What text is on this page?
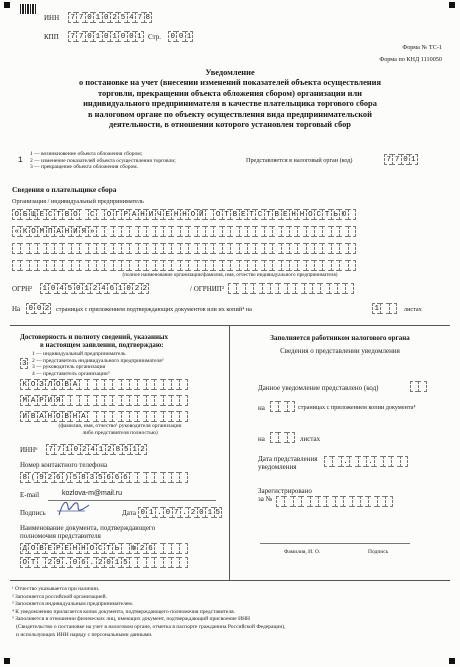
ИНН	7 7 0 1 0 2 5 4 7 8
КПП	7 7 0 1 0 1 0 0 1 Стр.	0 0 1
Форма № ТС-1
Форма по КНД 1110050
Уведомление
о постановке на учет (внесении изменений показателей объекта осуществления
торговли, прекращении объекта обложения сбором) организации или
индивидуального предпринимателя в качестве плательщика торгового сбора
в налоговом органе по объекту осуществления вида предпринимательской
деятельности, в отношении которого установлен торговый сбор
1
1 — возникновение объекта обложения сбором;
2 — изменение показателей объекта осуществления торговли;
3 — прекращение объекта обложения сбором.
Представляется в налоговый орган (код)	7 7 0 1
Сведения о плательщике сбора
Организация / индивидуальный предприниматель
О Б Щ Е С Т В О	С	О Г Р А Н И Ч Е Н Н О Й	О Т В Е Т С Т В Е Н Н О С Т Ь Ю
« К О М П А Н И Я »
(полное наименование организации/фамилия, имя, отчество индивидуального предпринимателя)
ОГРН²	1 0 4 5 0 1 2 4 6 1 0 2 2	/ ОГРНИП³
На	0 0 2	страницах с приложением подтверждающих документов или их копий⁴ на	1	листах
Достоверность и полноту сведений, указанных
в настоящем заявлении, подтверждаю:
3
1 — индивидуальный предприниматель
2 — представитель индивидуального предпринимателя⁵
3 — руководитель организации
4 — представитель организации⁵
К О З Л О В А
М А Р И Я
И В А Н О В Н А
(фамилия, имя, отчество¹ руководителя организации
либо представителя полностью)
ИНН⁶	7 7 1 0 2 4 1 2 8 5 1 2
Номер контактного телефона
8 ( 9 2 6 ) 5 8 3 5 6 6 6
E-mail	kozlova-m@mail.ru
Подпись	Дата 0 1 . 0 7 . 2 0 1 5
Наименование документа, подтверждающего
полномочия представителя
Д О В Е Р Е Н Н О С Т Ь	№ 2 6
О Т	2 9 . 0 6 . 2 0 1 5
Заполняется работником налогового органа
Сведения о представлении уведомления
Данное уведомление представлено (код)
на	страницах с приложением копии документа⁴
на	листах
Дата представления
уведомления
.	.
Зарегистрировано
за №
Фамилия, И. О.	Подпись
¹ Отчество указывается при наличии.
² Заполняется российской организацией.
³ Заполняется индивидуальным предпринимателем.
⁴ К уведомлению прилагается копия документа, подтверждающего полномочия представителя.
⁵ Заполняется в отношении физических лиц, имеющих документ, подтверждающий присвоение ИНН
(Свидетельство о постановке на учет в налоговом органе, отметка в паспорте гражданина Российской Федерации),
и использующих ИНН наряду с персональными данными.
